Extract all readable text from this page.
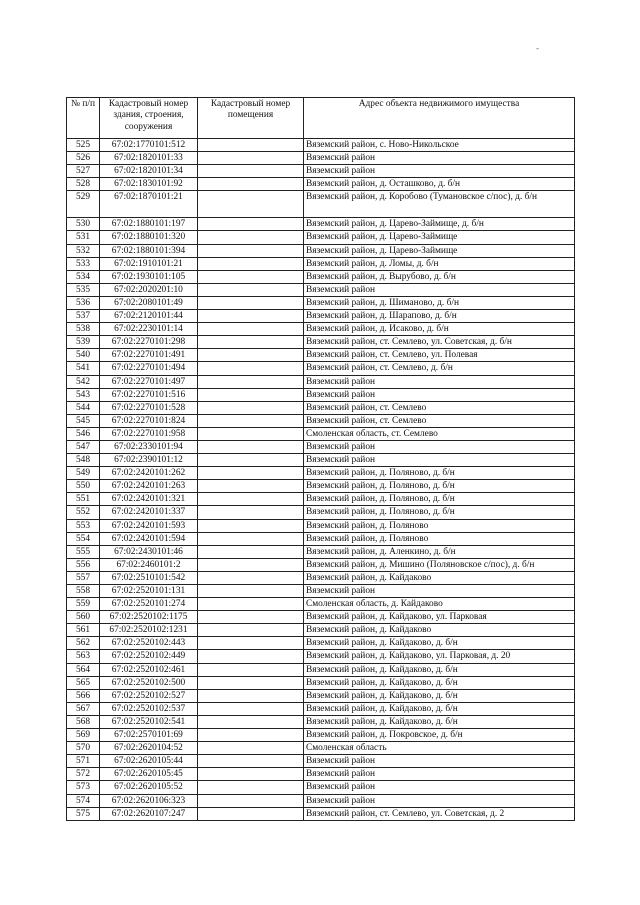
-
№ п/п	Кадастровый номер здания, строения, сооружения	Кадастровый номер помещения	Адрес объекта недвижимого имущества
525	67:02:1770101:512		Вяземский район, с. Ново-Никольское
526	67:02:1820101:33		Вяземский район
527	67:02:1820101:34		Вяземский район
528	67:02:1830101:92		Вяземский район, д. Осташково, д. б/н
529	67:02:1870101:21		Вяземский район, д. Коробово (Тумановское с/пос), д. б/н
530	67:02:1880101:197		Вяземский район, д. Царево-Займище, д. б/н
531	67:02:1880101:320		Вяземский район, д. Царево-Займище
532	67:02:1880101:394		Вяземский район, д. Царево-Займище
533	67:02:1910101:21		Вяземский район, д. Ломы, д. б/н
534	67:02:1930101:105		Вяземский район, д. Вырубово, д. б/н
535	67:02:2020201:10		Вяземский район
536	67:02:2080101:49		Вяземский район, д. Шиманово, д. б/н
537	67:02:2120101:44		Вяземский район, д. Шарапово, д. б/н
538	67:02:2230101:14		Вяземский район, д. Исаково, д. б/н
539	67:02:2270101:298		Вяземский район, ст. Семлево, ул. Советская, д. б/н
540	67:02:2270101:491		Вяземский район, ст. Семлево, ул. Полевая
541	67:02:2270101:494		Вяземский район, ст. Семлево, д. б/н
542	67:02:2270101:497		Вяземский район
543	67:02:2270101:516		Вяземский район
544	67:02:2270101:528		Вяземский район, ст. Семлево
545	67:02:2270101:824		Вяземский район, ст. Семлево
546	67:02:2270101:958		Смоленская область, ст. Семлево
547	67:02:2330101:94		Вяземский район
548	67:02:2390101:12		Вяземский район
549	67:02:2420101:262		Вяземский район, д. Поляново, д. б/н
550	67:02:2420101:263		Вяземский район, д. Поляново, д. б/н
551	67:02:2420101:321		Вяземский район, д. Поляново, д. б/н
552	67:02:2420101:337		Вяземский район, д. Поляново, д. б/н
553	67:02:2420101:593		Вяземский район, д. Поляново
554	67:02:2420101:594		Вяземский район, д. Поляново
555	67:02:2430101:46		Вяземский район, д. Аленкино, д. б/н
556	67:02:2460101:2		Вяземский район, д. Мишино (Поляновское с/пос), д. б/н
557	67:02:2510101:542		Вяземский район, д. Кайдаково
558	67:02:2520101:131		Вяземский район
559	67:02:2520101:274		Смоленская область, д. Кайдаково
560	67:02:2520102:1175		Вяземский район, д. Кайдаково, ул. Парковая
561	67:02:2520102:1231		Вяземский район, д. Кайдаково
562	67:02:2520102:443		Вяземский район, д. Кайдаково, д. б/н
563	67:02:2520102:449		Вяземский район, д. Кайдаково, ул. Парковая, д. 20
564	67:02:2520102:461		Вяземский район, д. Кайдаково, д. б/н
565	67:02:2520102:500		Вяземский район, д. Кайдаково, д. б/н
566	67:02:2520102:527		Вяземский район, д. Кайдаково, д. б/н
567	67:02:2520102:537		Вяземский район, д. Кайдаково, д. б/н
568	67:02:2520102:541		Вяземский район, д. Кайдаково, д. б/н
569	67:02:2570101:69		Вяземский район, д. Покровское, д. б/н
570	67:02:2620104:52		Смоленская область
571	67:02:2620105:44		Вяземский район
572	67:02:2620105:45		Вяземский район
573	67:02:2620105:52		Вяземский район
574	67:02:2620106:323		Вяземский район
575	67:02:2620107:247		Вяземский район, ст. Семлево, ул. Советская, д. 2
